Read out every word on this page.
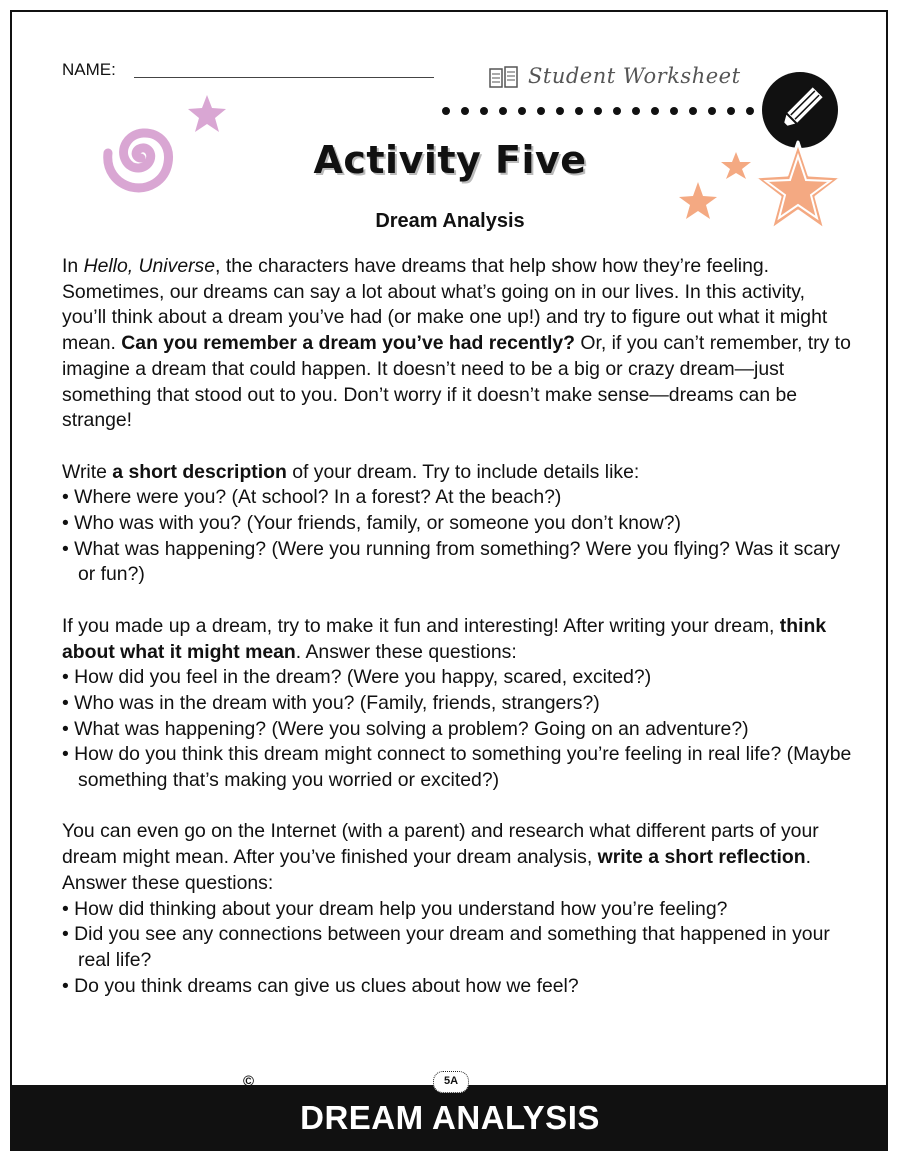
NAME:	Student Worksheet
Activity Five
Dream Analysis

In Hello, Universe, the characters have dreams that help show how they’re feeling. Sometimes, our dreams can say a lot about what’s going on in our lives. In this activity, you’ll think about a dream you’ve had (or make one up!) and try to figure out what it might mean. Can you remember a dream you’ve had recently? Or, if you can’t remember, try to imagine a dream that could happen. It doesn’t need to be a big or crazy dream—just something that stood out to you. Don’t worry if it doesn’t make sense—dreams can be strange!

Write a short description of your dream. Try to include details like:

• Where were you? (At school? In a forest? At the beach?)

• Who was with you? (Your friends, family, or someone you don’t know?)

• What was happening? (Were you running from something? Were you flying? Was it scary or fun?)

If you made up a dream, try to make it fun and interesting! After writing your dream, think about what it might mean. Answer these questions:

• How did you feel in the dream? (Were you happy, scared, excited?)

• Who was in the dream with you? (Family, friends, strangers?)

• What was happening? (Were you solving a problem? Going on an adventure?)

• How do you think this dream might connect to something you’re feeling in real life? (Maybe something that’s making you worried or excited?)

You can even go on the Internet (with a parent) and research what different parts of your dream might mean. After you’ve finished your dream analysis, write a short reflection. Answer these questions:

• How did thinking about your dream help you understand how you’re feeling?

• Did you see any connections between your dream and something that happened in your real life?

• Do you think dreams can give us clues about how we feel?

©	5A
DREAM ANALYSIS
